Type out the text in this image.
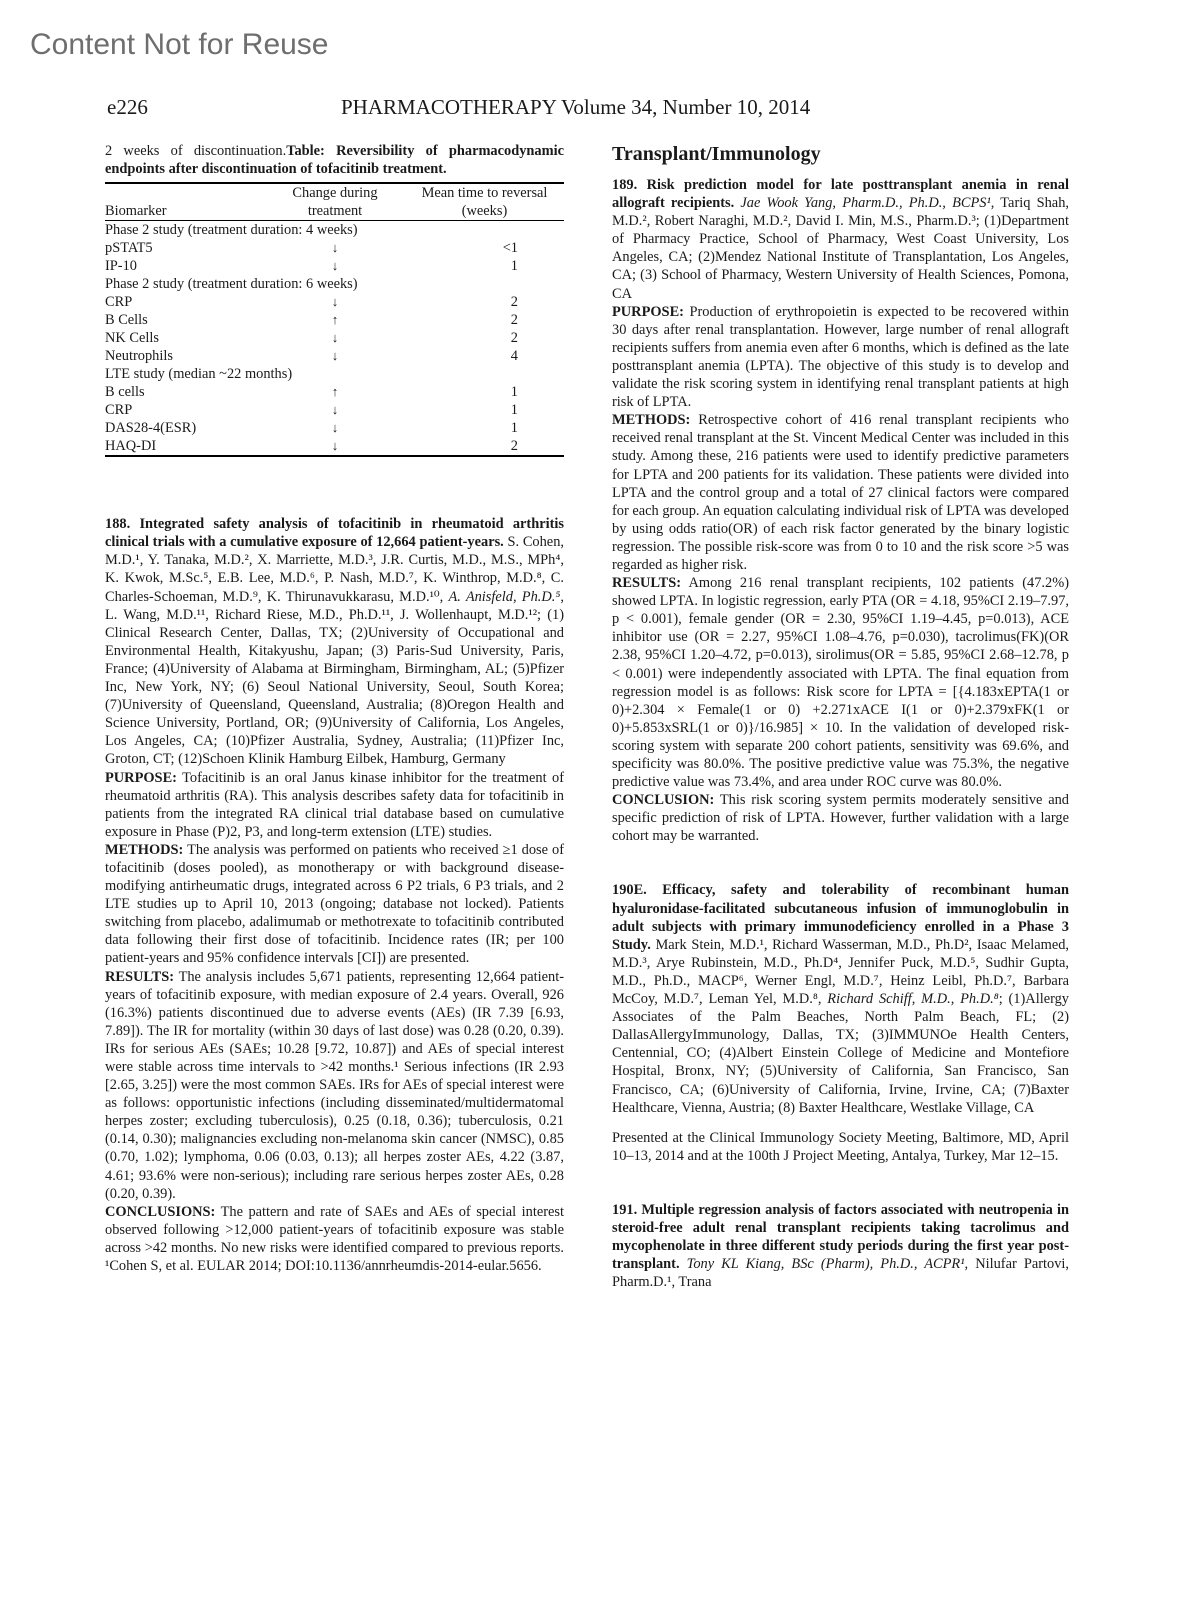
Content Not for Reuse
e226	PHARMACOTHERAPY Volume 34, Number 10, 2014

2 weeks of discontinuation.Table: Reversibility of pharmacodynamic endpoints after discontinuation of tofacitinib treatment.

Biomarker	Change during treatment	Mean time to reversal (weeks)
Phase 2 study (treatment duration: 4 weeks)		
pSTAT5	↓	<1
IP-10	↓	1
Phase 2 study (treatment duration: 6 weeks)		
CRP	↓	2
B Cells	↑	2
NK Cells	↓	2
Neutrophils	↓	4
LTE study (median ~22 months)		
B cells	↑	1
CRP	↓	1
DAS28-4(ESR)	↓	1
HAQ-DI	↓	2

188. Integrated safety analysis of tofacitinib in rheumatoid arthritis clinical trials with a cumulative exposure of 12,664 patient-years. S. Cohen, M.D.¹, Y. Tanaka, M.D.², X. Marriette, M.D.³, J.R. Curtis, M.D., M.S., MPh⁴, K. Kwok, M.Sc.⁵, E.B. Lee, M.D.⁶, P. Nash, M.D.⁷, K. Winthrop, M.D.⁸, C. Charles-Schoeman, M.D.⁹, K. Thirunavukkarasu, M.D.¹⁰, A. Anisfeld, Ph.D.⁵, L. Wang, M.D.¹¹, Richard Riese, M.D., Ph.D.¹¹, J. Wollenhaupt, M.D.¹²; (1) Clinical Research Center, Dallas, TX; (2)University of Occupational and Environmental Health, Kitakyushu, Japan; (3) Paris-Sud University, Paris, France; (4)University of Alabama at Birmingham, Birmingham, AL; (5)Pfizer Inc, New York, NY; (6) Seoul National University, Seoul, South Korea; (7)University of Queensland, Queensland, Australia; (8)Oregon Health and Science University, Portland, OR; (9)University of California, Los Angeles, Los Angeles, CA; (10)Pfizer Australia, Sydney, Australia; (11)Pfizer Inc, Groton, CT; (12)Schoen Klinik Hamburg Eilbek, Hamburg, Germany

PURPOSE: Tofacitinib is an oral Janus kinase inhibitor for the treatment of rheumatoid arthritis (RA). This analysis describes safety data for tofacitinib in patients from the integrated RA clinical trial database based on cumulative exposure in Phase (P)2, P3, and long-term extension (LTE) studies.

METHODS: The analysis was performed on patients who received ≥1 dose of tofacitinib (doses pooled), as monotherapy or with background disease-modifying antirheumatic drugs, integrated across 6 P2 trials, 6 P3 trials, and 2 LTE studies up to April 10, 2013 (ongoing; database not locked). Patients switching from placebo, adalimumab or methotrexate to tofacitinib contributed data following their first dose of tofacitinib. Incidence rates (IR; per 100 patient-years and 95% confidence intervals [CI]) are presented.

RESULTS: The analysis includes 5,671 patients, representing 12,664 patient-years of tofacitinib exposure, with median exposure of 2.4 years. Overall, 926 (16.3%) patients discontinued due to adverse events (AEs) (IR 7.39 [6.93, 7.89]). The IR for mortality (within 30 days of last dose) was 0.28 (0.20, 0.39). IRs for serious AEs (SAEs; 10.28 [9.72, 10.87]) and AEs of special interest were stable across time intervals to >42 months.¹ Serious infections (IR 2.93 [2.65, 3.25]) were the most common SAEs. IRs for AEs of special interest were as follows: opportunistic infections (including disseminated/multidermatomal herpes zoster; excluding tuberculosis), 0.25 (0.18, 0.36); tuberculosis, 0.21 (0.14, 0.30); malignancies excluding non-melanoma skin cancer (NMSC), 0.85 (0.70, 1.02); lymphoma, 0.06 (0.03, 0.13); all herpes zoster AEs, 4.22 (3.87, 4.61; 93.6% were non-serious); including rare serious herpes zoster AEs, 0.28 (0.20, 0.39).

CONCLUSIONS: The pattern and rate of SAEs and AEs of special interest observed following >12,000 patient-years of tofacitinib exposure was stable across >42 months. No new risks were identified compared to previous reports. ¹Cohen S, et al. EULAR 2014; DOI:10.1136/annrheumdis-2014-eular.5656.

Transplant/Immunology

189. Risk prediction model for late posttransplant anemia in renal allograft recipients. Jae Wook Yang, Pharm.D., Ph.D., BCPS¹, Tariq Shah, M.D.², Robert Naraghi, M.D.², David I. Min, M.S., Pharm.D.³; (1)Department of Pharmacy Practice, School of Pharmacy, West Coast University, Los Angeles, CA; (2)Mendez National Institute of Transplantation, Los Angeles, CA; (3) School of Pharmacy, Western University of Health Sciences, Pomona, CA

PURPOSE: Production of erythropoietin is expected to be recovered within 30 days after renal transplantation. However, large number of renal allograft recipients suffers from anemia even after 6 months, which is defined as the late posttransplant anemia (LPTA). The objective of this study is to develop and validate the risk scoring system in identifying renal transplant patients at high risk of LPTA.

METHODS: Retrospective cohort of 416 renal transplant recipients who received renal transplant at the St. Vincent Medical Center was included in this study. Among these, 216 patients were used to identify predictive parameters for LPTA and 200 patients for its validation. These patients were divided into LPTA and the control group and a total of 27 clinical factors were compared for each group. An equation calculating individual risk of LPTA was developed by using odds ratio(OR) of each risk factor generated by the binary logistic regression. The possible risk-score was from 0 to 10 and the risk score >5 was regarded as higher risk.

RESULTS: Among 216 renal transplant recipients, 102 patients (47.2%) showed LPTA. In logistic regression, early PTA (OR = 4.18, 95%CI 2.19–7.97, p < 0.001), female gender (OR = 2.30, 95%CI 1.19–4.45, p=0.013), ACE inhibitor use (OR = 2.27, 95%CI 1.08–4.76, p=0.030), tacrolimus(FK)(OR 2.38, 95%CI 1.20–4.72, p=0.013), sirolimus(OR = 5.85, 95%CI 2.68–12.78, p < 0.001) were independently associated with LPTA. The final equation from regression model is as follows: Risk score for LPTA = [{4.183xEPTA(1 or 0)+2.304 × Female(1 or 0) +2.271xACE I(1 or 0)+2.379xFK(1 or 0)+5.853xSRL(1 or 0)}/16.985] × 10. In the validation of developed risk-scoring system with separate 200 cohort patients, sensitivity was 69.6%, and specificity was 80.0%. The positive predictive value was 75.3%, the negative predictive value was 73.4%, and area under ROC curve was 80.0%.

CONCLUSION: This risk scoring system permits moderately sensitive and specific prediction of risk of LPTA. However, further validation with a large cohort may be warranted.

190E. Efficacy, safety and tolerability of recombinant human hyaluronidase-facilitated subcutaneous infusion of immunoglobulin in adult subjects with primary immunodeficiency enrolled in a Phase 3 Study. Mark Stein, M.D.¹, Richard Wasserman, M.D., Ph.D², Isaac Melamed, M.D.³, Arye Rubinstein, M.D., Ph.D⁴, Jennifer Puck, M.D.⁵, Sudhir Gupta, M.D., Ph.D., MACP⁶, Werner Engl, M.D.⁷, Heinz Leibl, Ph.D.⁷, Barbara McCoy, M.D.⁷, Leman Yel, M.D.⁸, Richard Schiff, M.D., Ph.D.⁸; (1)Allergy Associates of the Palm Beaches, North Palm Beach, FL; (2) DallasAllergyImmunology, Dallas, TX; (3)IMMUNOe Health Centers, Centennial, CO; (4)Albert Einstein College of Medicine and Montefiore Hospital, Bronx, NY; (5)University of California, San Francisco, San Francisco, CA; (6)University of California, Irvine, Irvine, CA; (7)Baxter Healthcare, Vienna, Austria; (8) Baxter Healthcare, Westlake Village, CA

Presented at the Clinical Immunology Society Meeting, Baltimore, MD, April 10–13, 2014 and at the 100th J Project Meeting, Antalya, Turkey, Mar 12–15.

191. Multiple regression analysis of factors associated with neutropenia in steroid-free adult renal transplant recipients taking tacrolimus and mycophenolate in three different study periods during the first year post-transplant. Tony KL Kiang, BSc (Pharm), Ph.D., ACPR¹, Nilufar Partovi, Pharm.D.¹, Trana
